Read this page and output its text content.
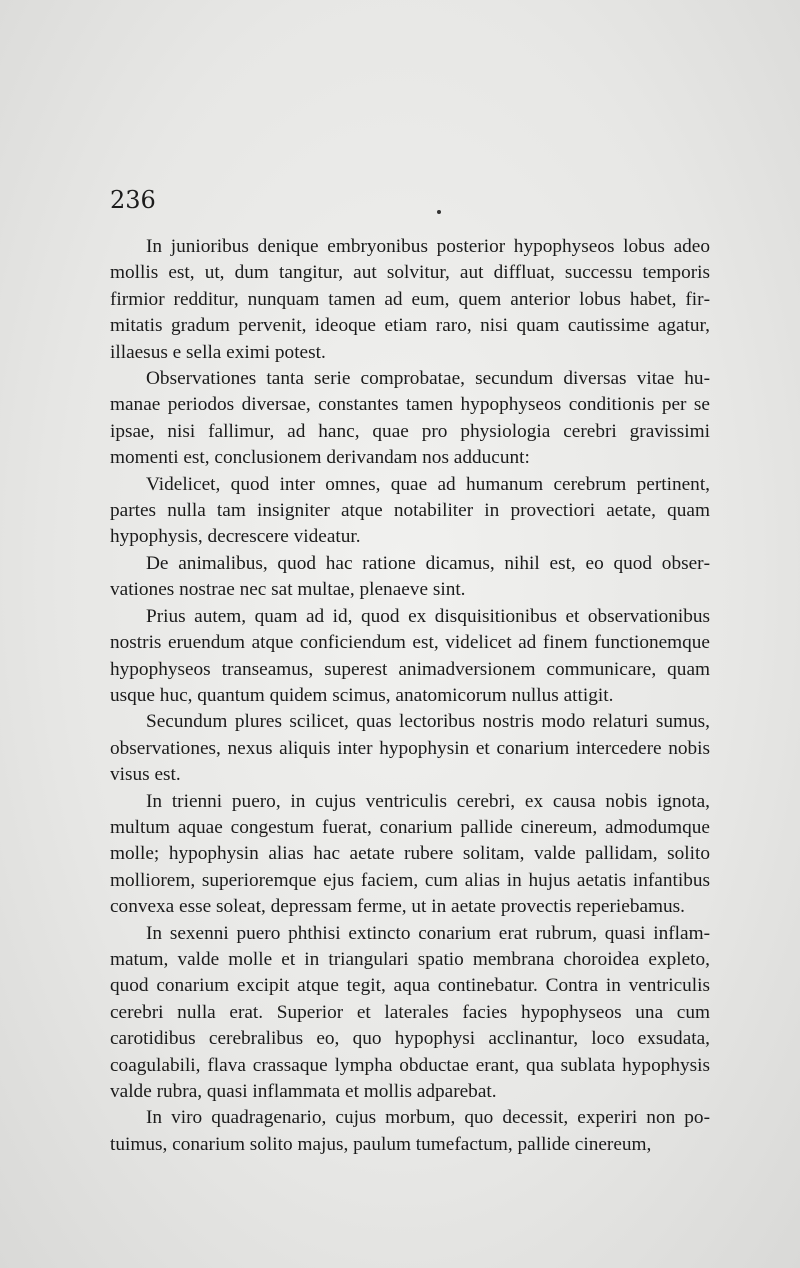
236

In junioribus denique embryonibus posterior hypophyseos lobus adeo mollis est, ut, dum tangitur, aut solvitur, aut diffluat, successu temporis firmior redditur, nunquam tamen ad eum, quem anterior lobus habet, firmitatis gradum pervenit, ideoque etiam raro, nisi quam cautissime agatur, illaesus e sella eximi potest.

Observationes tanta serie comprobatae, secundum diversas vitae humanae periodos diversae, constantes tamen hypophyseos conditionis per se ipsae, nisi fallimur, ad hanc, quae pro physiologia cerebri gravissimi momenti est, conclusionem derivandam nos adducunt:

Videlicet, quod inter omnes, quae ad humanum cerebrum pertinent, partes nulla tam insigniter atque notabiliter in provectiori aetate, quam hypophysis, decrescere videatur.

De animalibus, quod hac ratione dicamus, nihil est, eo quod observationes nostrae nec sat multae, plenaeve sint.

Prius autem, quam ad id, quod ex disquisitionibus et observationibus nostris eruendum atque conficiendum est, videlicet ad finem functionemque hypophyseos transeamus, superest animadversionem communicare, quam usque huc, quantum quidem scimus, anatomicorum nullus attigit.

Secundum plures scilicet, quas lectoribus nostris modo relaturi sumus, observationes, nexus aliquis inter hypophysin et conarium intercedere nobis visus est.

In trienni puero, in cujus ventriculis cerebri, ex causa nobis ignota, multum aquae congestum fuerat, conarium pallide cinereum, admodumque molle; hypophysin alias hac aetate rubere solitam, valde pallidam, solito molliorem, superioremque ejus faciem, cum alias in hujus aetatis infantibus convexa esse soleat, depressam ferme, ut in aetate provectis reperiebamus.

In sexenni puero phthisi extincto conarium erat rubrum, quasi inflammatum, valde molle et in triangulari spatio membrana choroidea expleto, quod conarium excipit atque tegit, aqua continebatur. Contra in ventriculis cerebri nulla erat. Superior et laterales facies hypophyseos una cum carotidibus cerebralibus eo, quo hypophysi acclinantur, loco exsudata, coagulabili, flava crassaque lympha obductae erant, qua sublata hypophysis valde rubra, quasi inflammata et mollis adparebat.

In viro quadragenario, cujus morbum, quo decessit, experiri non potuimus, conarium solito majus, paulum tumefactum, pallide cinereum,
